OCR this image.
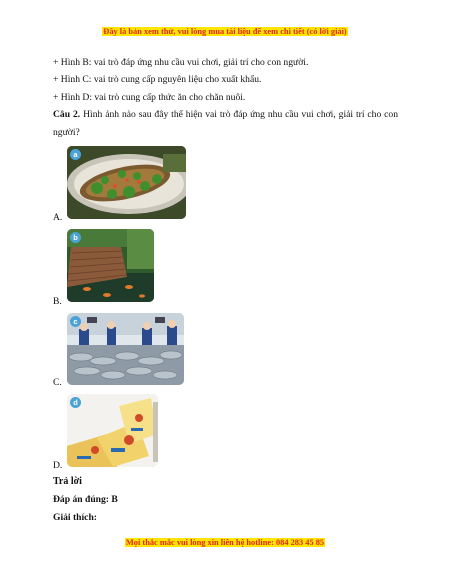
Đây là bản xem thử, vui lòng mua tài liệu để xem chi tiết (có lời giải)
+ Hình B: vai trò đáp ứng nhu cầu vui chơi, giải trí cho con người.
+ Hình C: vai trò cung cấp nguyên liệu cho xuất khẩu.
+ Hình D: vai trò cung cấp thức ăn cho chăn nuôi.
Câu 2. Hình ảnh nào sau đây thể hiện vai trò đáp ứng nhu cầu vui chơi, giải trí cho con người?
a
A.
b
B.
c
C.
d
D.
Trả lời
Đáp án đúng: B
Giải thích:
Mọi thắc mắc vui lòng xin liên hệ hotline: 084 283 45 85
